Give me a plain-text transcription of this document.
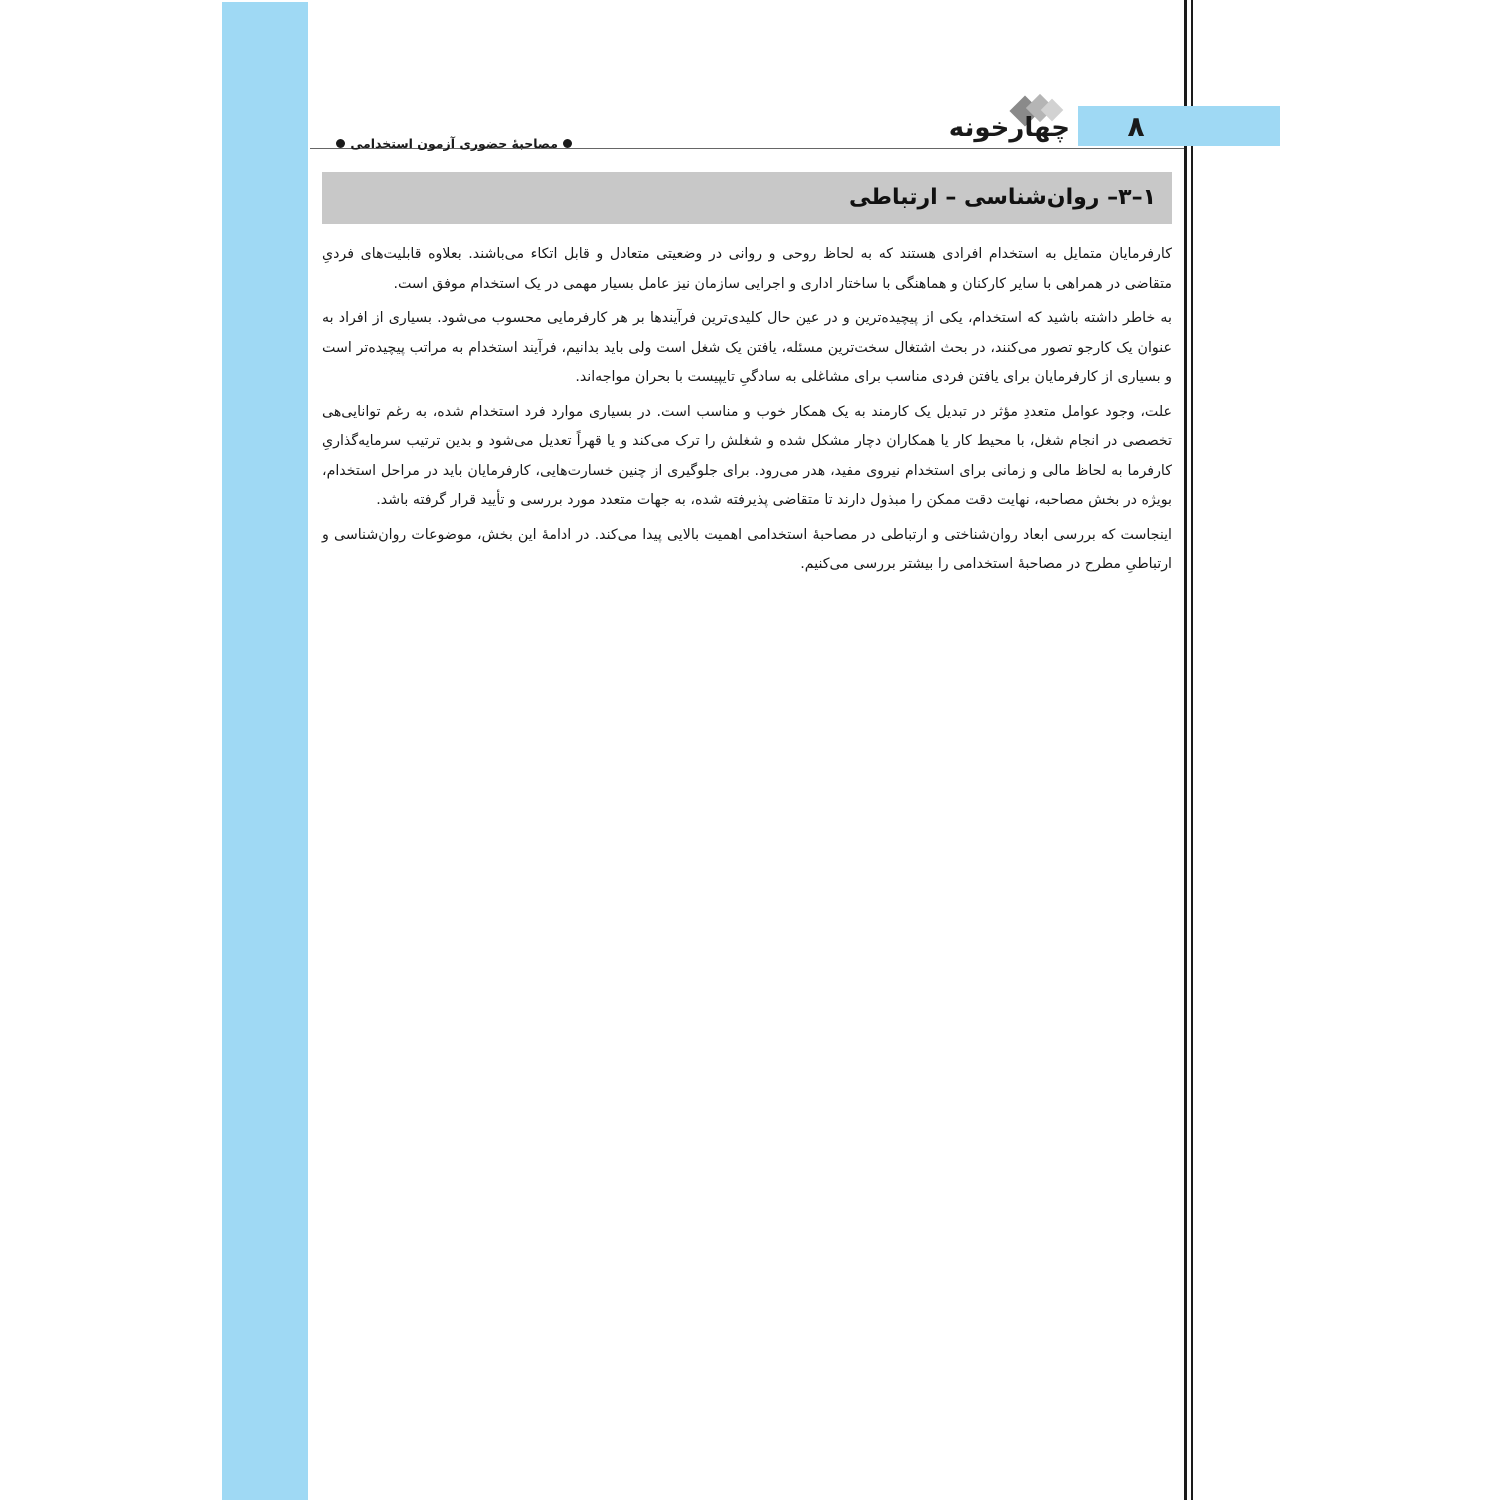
۸
چهارخونه
مصاحبهٔ حضوری آزمون استخدامی
۱–۳– روان‌شناسی – ارتباطی

کارفرمایان متمایل به استخدام افرادی هستند که به لحاظ روحی و روانی در وضعیتی متعادل و قابل اتکاء می‌باشند. بعلاوه قابلیت‌های فردیِ متقاضی در همراهی با سایر کارکنان و هماهنگی با ساختار اداری و اجرایی سازمان نیز عامل بسیار مهمی در یک استخدام موفق است.

به خاطر داشته باشید که استخدام، یکی از پیچیده‌ترین و در عین حال کلیدی‌ترین فرآیندها بر هر کارفرمایی محسوب می‌شود. بسیاری از افراد به عنوان یک کارجو تصور می‌کنند، در بحث اشتغال سخت‌ترین مسئله، یافتن یک شغل است ولی باید بدانیم، فرآیند استخدام به مراتب پیچیده‌تر است و بسیاری از کارفرمایان برای یافتن فردی مناسب برای مشاغلی به سادگیِ تایپیست با بحران مواجه‌اند.

علت، وجود عوامل متعددِ مؤثر در تبدیل یک کارمند به یک همکار خوب و مناسب است. در بسیاری موارد فرد استخدام شده، به رغم توانایی‌هی تخصصی در انجام شغل، با محیط کار یا همکاران دچار مشکل شده و شغلش را ترک می‌کند و یا قهراً تعدیل می‌شود و بدین ترتیب سرمایه‌گذاریِ کارفرما به لحاظ مالی و زمانی برای استخدام نیروی مفید، هدر می‌رود. برای جلوگیری از چنین خسارت‌هایی، کارفرمایان باید در مراحل استخدام، بویژه در بخش مصاحبه، نهایت دقت ممکن را مبذول دارند تا متقاضی پذیرفته شده، به جهات متعدد مورد بررسی و تأیید قرار گرفته باشد.

اینجاست که بررسی ابعاد روان‌شناختی و ارتباطی در مصاحبهٔ استخدامی اهمیت بالایی پیدا می‌کند. در ادامهٔ این بخش، موضوعات روان‌شناسی و ارتباطیِ مطرح در مصاحبهٔ استخدامی را بیشتر بررسی می‌کنیم.
